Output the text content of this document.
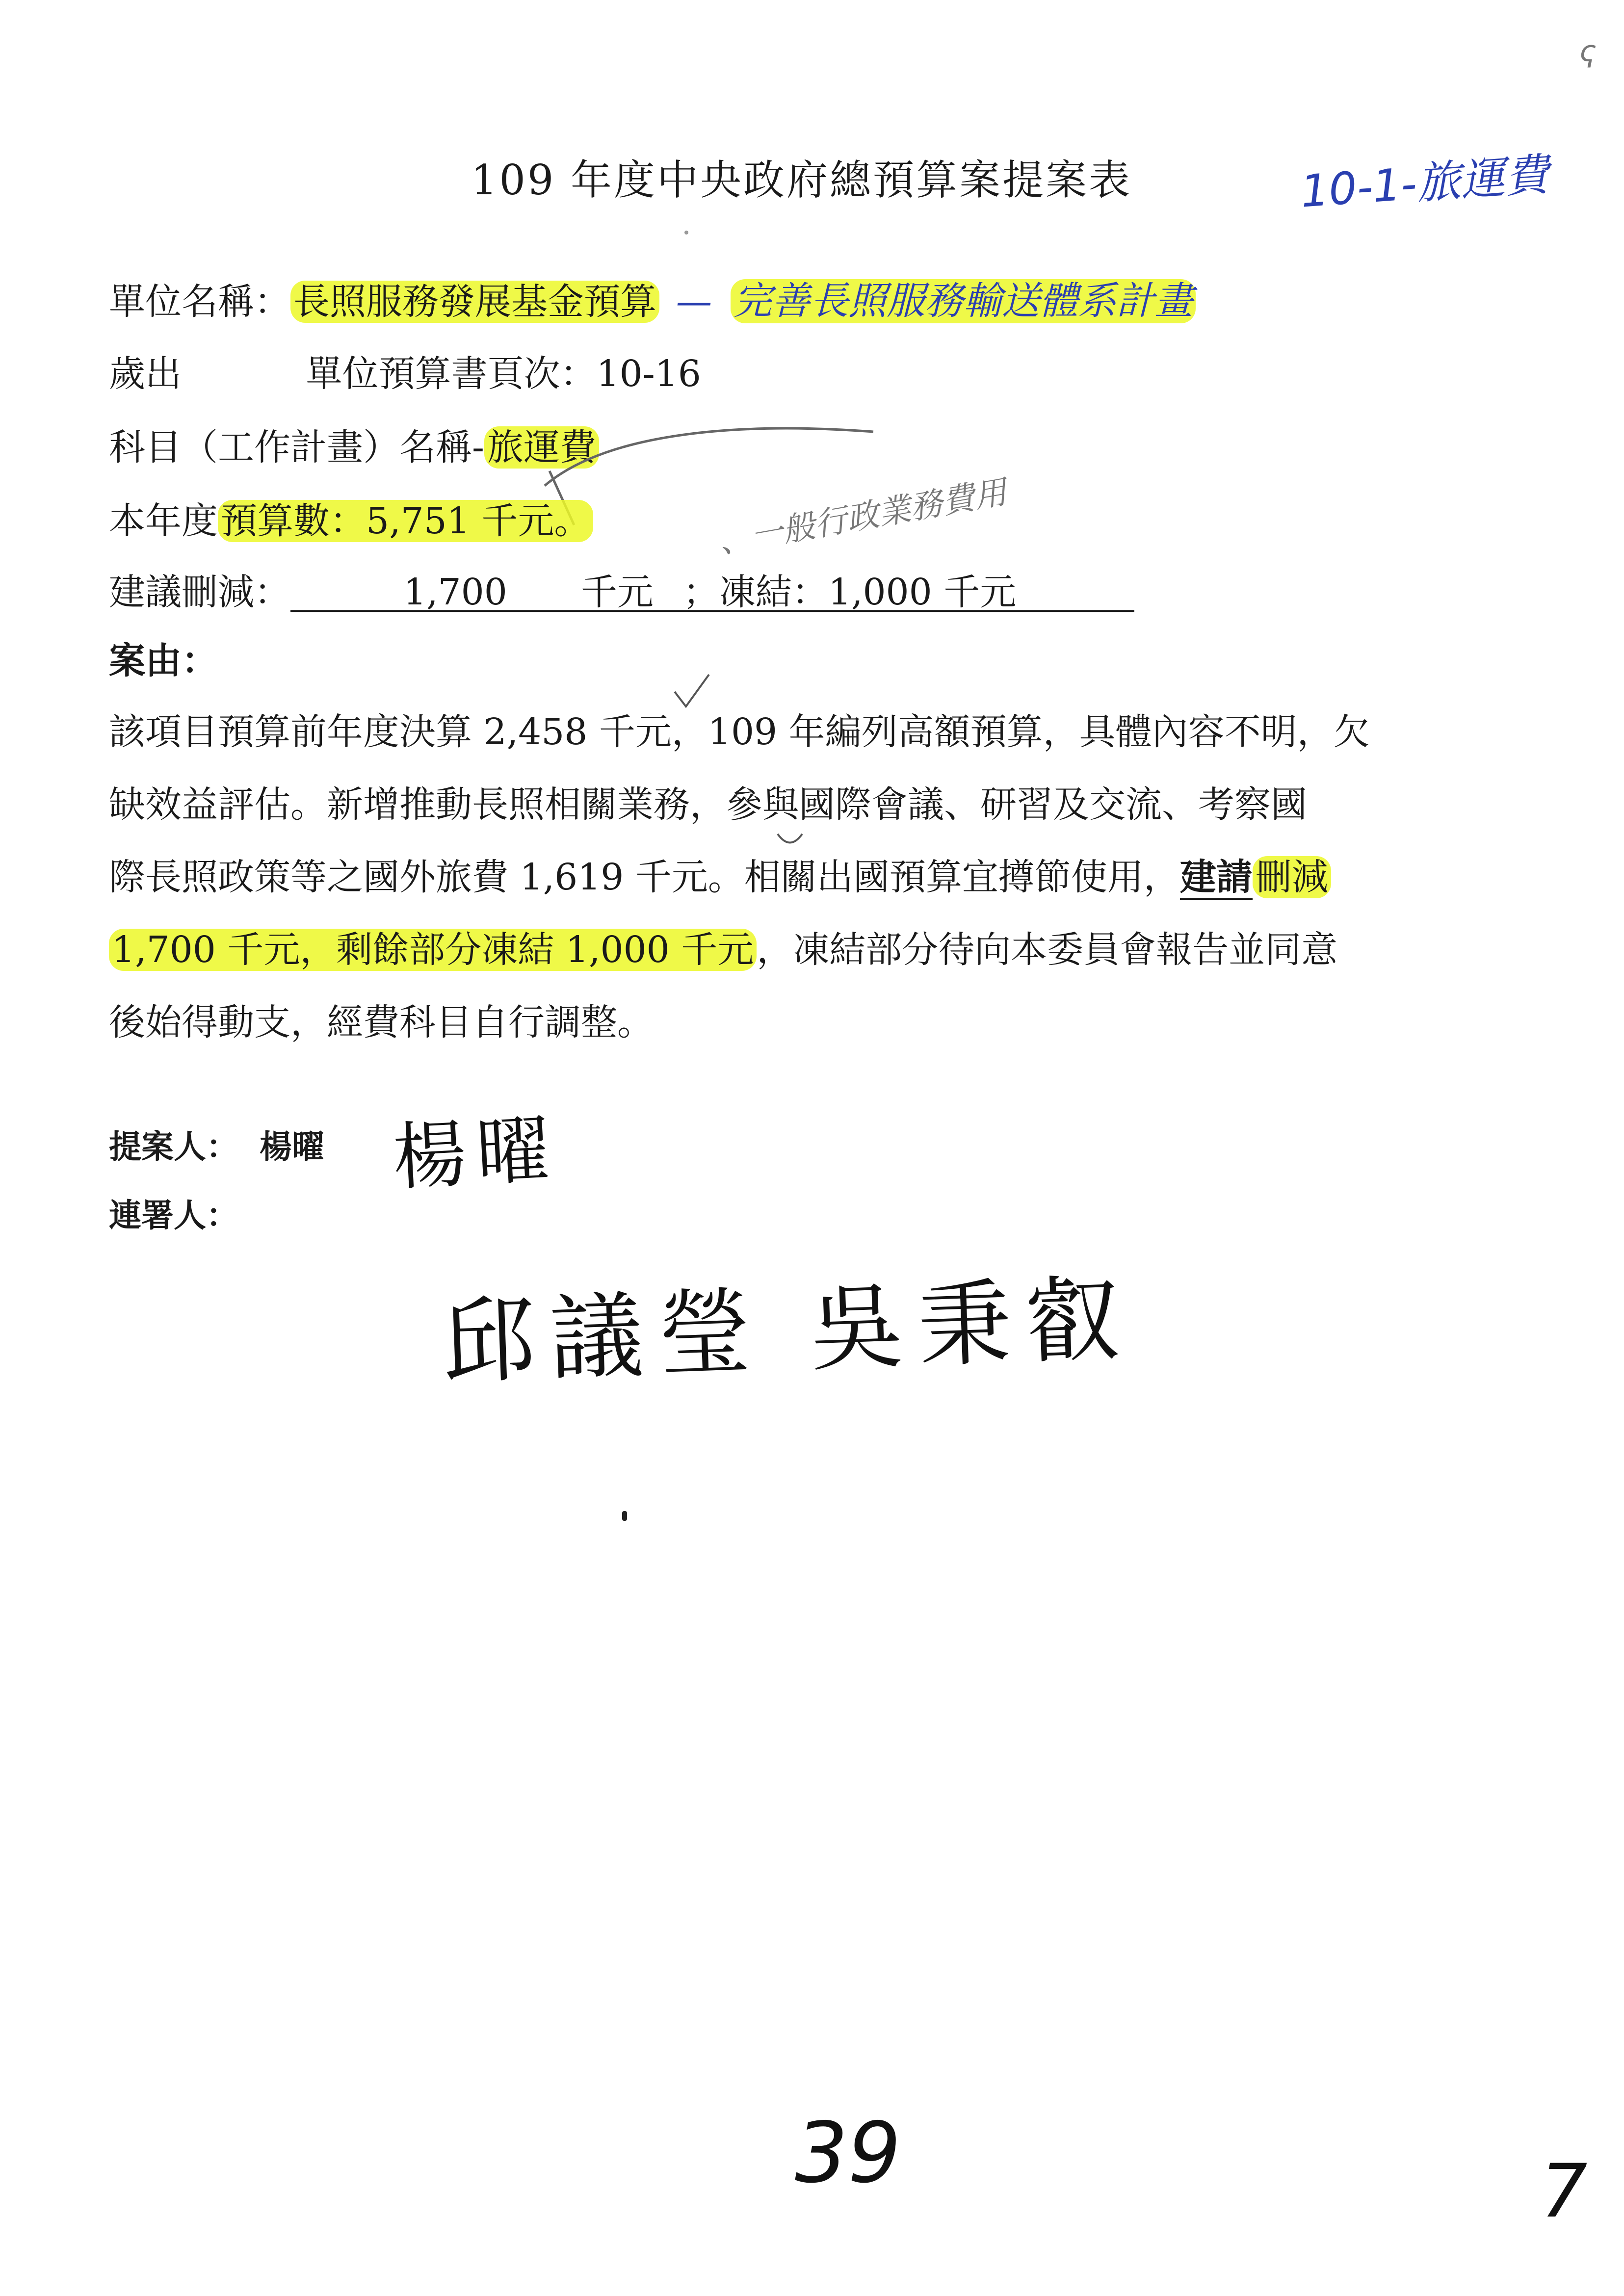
ҁ
109 年度中央政府總預算案提案表	10-1-旅運費
單位名稱：長照服務發展基金預算 — 完善長照服務輸送體系計畫
歲出	單位預算書頁次：10-16
科目（工作計畫）名稱-旅運費
、一般行政業務費用
本年度預算數：5,751 千元。
建議刪減：	1,700 千元 ；凍結：1,000 千元
案由：
該項目預算前年度決算 2,458 千元，109 年編列高額預算，具體內容不明，欠
缺效益評估。新增推動長照相關業務，參與國際會議、研習及交流、考察國
際長照政策等之國外旅費 1,619 千元。相關出國預算宜撙節使用，建請刪減
1,700 千元，剩餘部分凍結 1,000 千元，凍結部分待向本委員會報告並同意
後始得動支，經費科目自行調整。
提案人： 楊曜 楊曜
連署人：
邱議瑩 吳秉叡
39	7
